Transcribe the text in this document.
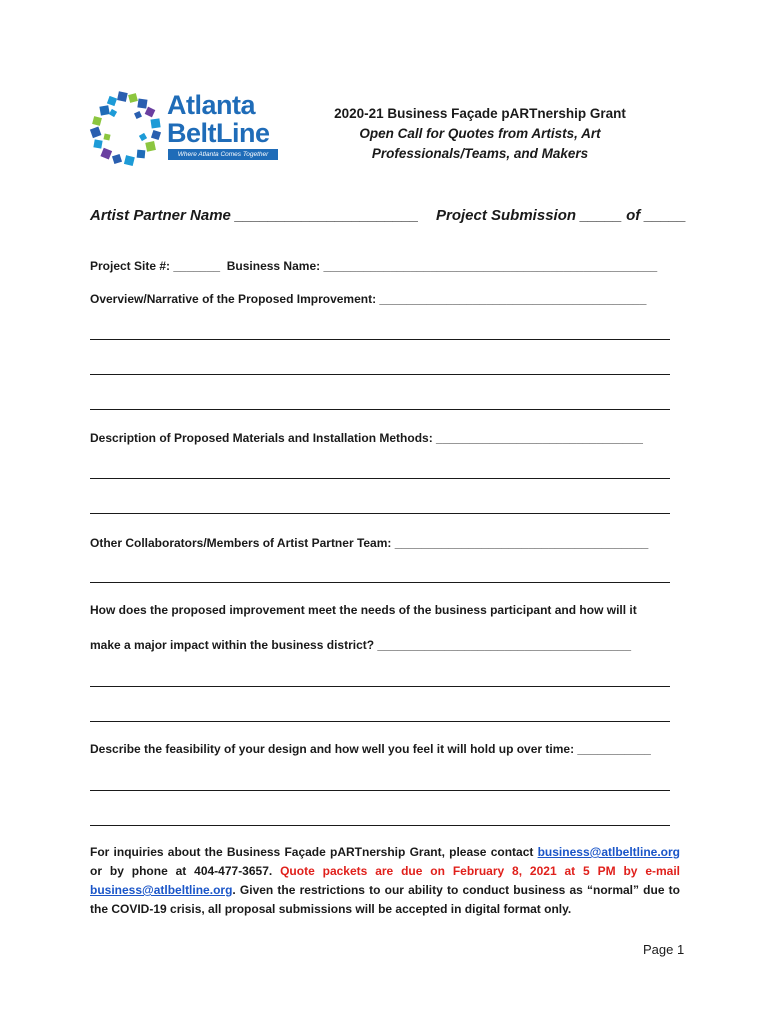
Atlanta
BeltLine
Where Atlanta Comes Together
2020-21 Business Façade pARTnership Grant
Open Call for Quotes from Artists, Art
Professionals/Teams, and Makers
Artist Partner Name ______________________ Project Submission _____ of _____
Project Site #: _______  Business Name: __________________________________________________
Overview/Narrative of the Proposed Improvement: ________________________________________
Description of Proposed Materials and Installation Methods: _______________________________
Other Collaborators/Members of Artist Partner Team: ______________________________________
How does the proposed improvement meet the needs of the business participant and how will it
make a major impact within the business district? ______________________________________
Describe the feasibility of your design and how well you feel it will hold up over time: ___________
For inquiries about the Business Façade pARTnership Grant, please contact business@atlbeltline.org or by phone at 404-477-3657. Quote packets are due on February 8, 2021 at 5 PM by e-mail business@atlbeltline.org. Given the restrictions to our ability to conduct business as “normal” due to the COVID-19 crisis, all proposal submissions will be accepted in digital format only.
Page 1
